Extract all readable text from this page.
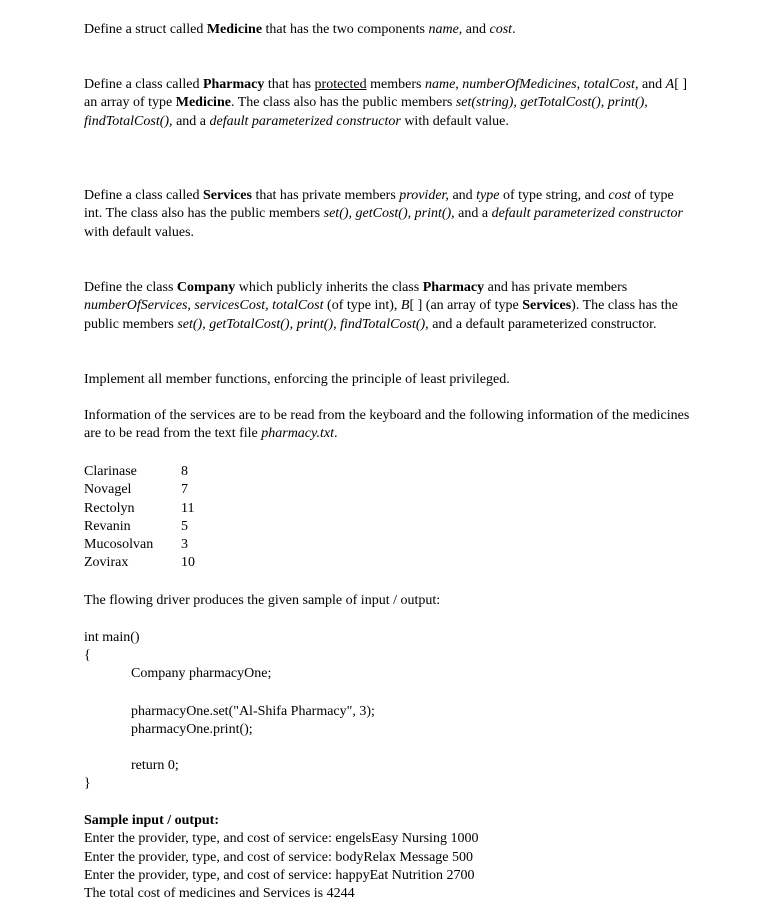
Define a struct called Medicine that has the two components name, and cost.

Define a class called Pharmacy that has protected members name, numberOfMedicines, totalCost, and A[ ] an array of type Medicine. The class also has the public members set(string), getTotalCost(), print(), findTotalCost(), and a default parameterized constructor with default value.

Define a class called Services that has private members provider, and type of type string, and cost of type int. The class also has the public members set(), getCost(), print(), and a default parameterized constructor with default values.

Define the class Company which publicly inherits the class Pharmacy and has private members numberOfServices, servicesCost, totalCost (of type int), B[ ] (an array of type Services). The class has the public members set(), getTotalCost(), print(), findTotalCost(), and a default parameterized constructor.

Implement all member functions, enforcing the principle of least privileged.

Information of the services are to be read from the keyboard and the following information of the medicines are to be read from the text file pharmacy.txt.

Clarinase	8
Novagel	7
Rectolyn	11
Revanin	5
Mucosolvan 3
Zovirax	10

The flowing driver produces the given sample of input / output:

int main()
{
Company pharmacyOne;
pharmacyOne.set("Al-Shifa Pharmacy", 3);
pharmacyOne.print();
return 0;
}

Sample input / output:

Enter the provider, type, and cost of service: engelsEasy Nursing 1000

Enter the provider, type, and cost of service: bodyRelax Message 500

Enter the provider, type, and cost of service: happyEat Nutrition 2700

The total cost of medicines and Services is 4244
